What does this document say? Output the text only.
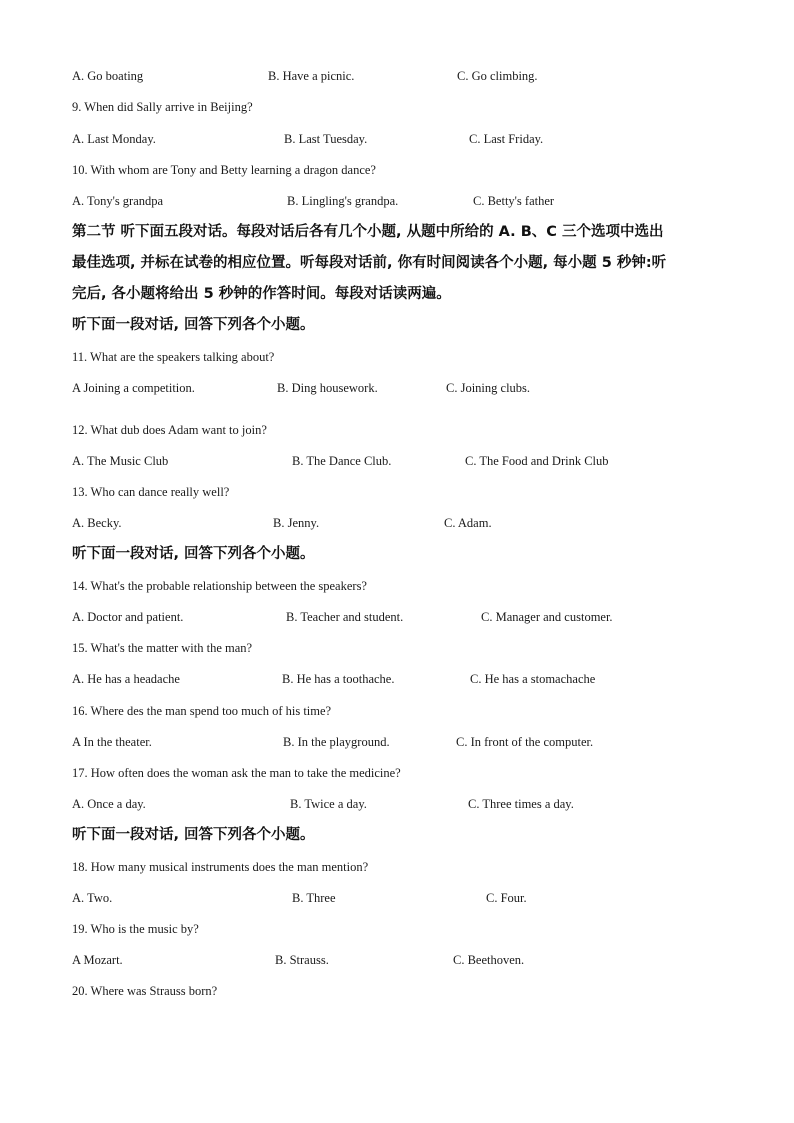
A. Go boating	B. Have a picnic.	C. Go climbing.
9. When did Sally arrive in Beijing?
A. Last Monday.	B. Last Tuesday.	C. Last Friday.
10. With whom are Tony and Betty learning a dragon dance?
A. Tony's grandpa	B. Lingling's grandpa.	C. Betty's father
第二节 听下面五段对话。每段对话后各有几个小题, 从题中所给的 A. B、C 三个选项中选出
最佳选项, 并标在试卷的相应位置。听每段对话前, 你有时间阅读各个小题, 每小题 5 秒钟:听
完后, 各小题将给出 5 秒钟的作答时间。每段对话读两遍。
听下面一段对话, 回答下列各个小题。
11. What are the speakers talking about?
A Joining a competition.	B. Ding housework.	C. Joining clubs.
12. What dub does Adam want to join?
A. The Music Club	B. The Dance Club.	C. The Food and Drink Club
13. Who can dance really well?
A. Becky.	B. Jenny.	C. Adam.
听下面一段对话, 回答下列各个小题。
14. What's the probable relationship between the speakers?
A. Doctor and patient.	B. Teacher and student.	C. Manager and customer.
15. What's the matter with the man?
A. He has a headache	B. He has a toothache.	C. He has a stomachache
16. Where des the man spend too much of his time?
A In the theater.	B. In the playground.	C. In front of the computer.
17. How often does the woman ask the man to take the medicine?
A. Once a day.	B. Twice a day.	C. Three times a day.
听下面一段对话, 回答下列各个小题。
18. How many musical instruments does the man mention?
A. Two.	B. Three	C. Four.
19. Who is the music by?
A Mozart.	B. Strauss.	C. Beethoven.
20. Where was Strauss born?
